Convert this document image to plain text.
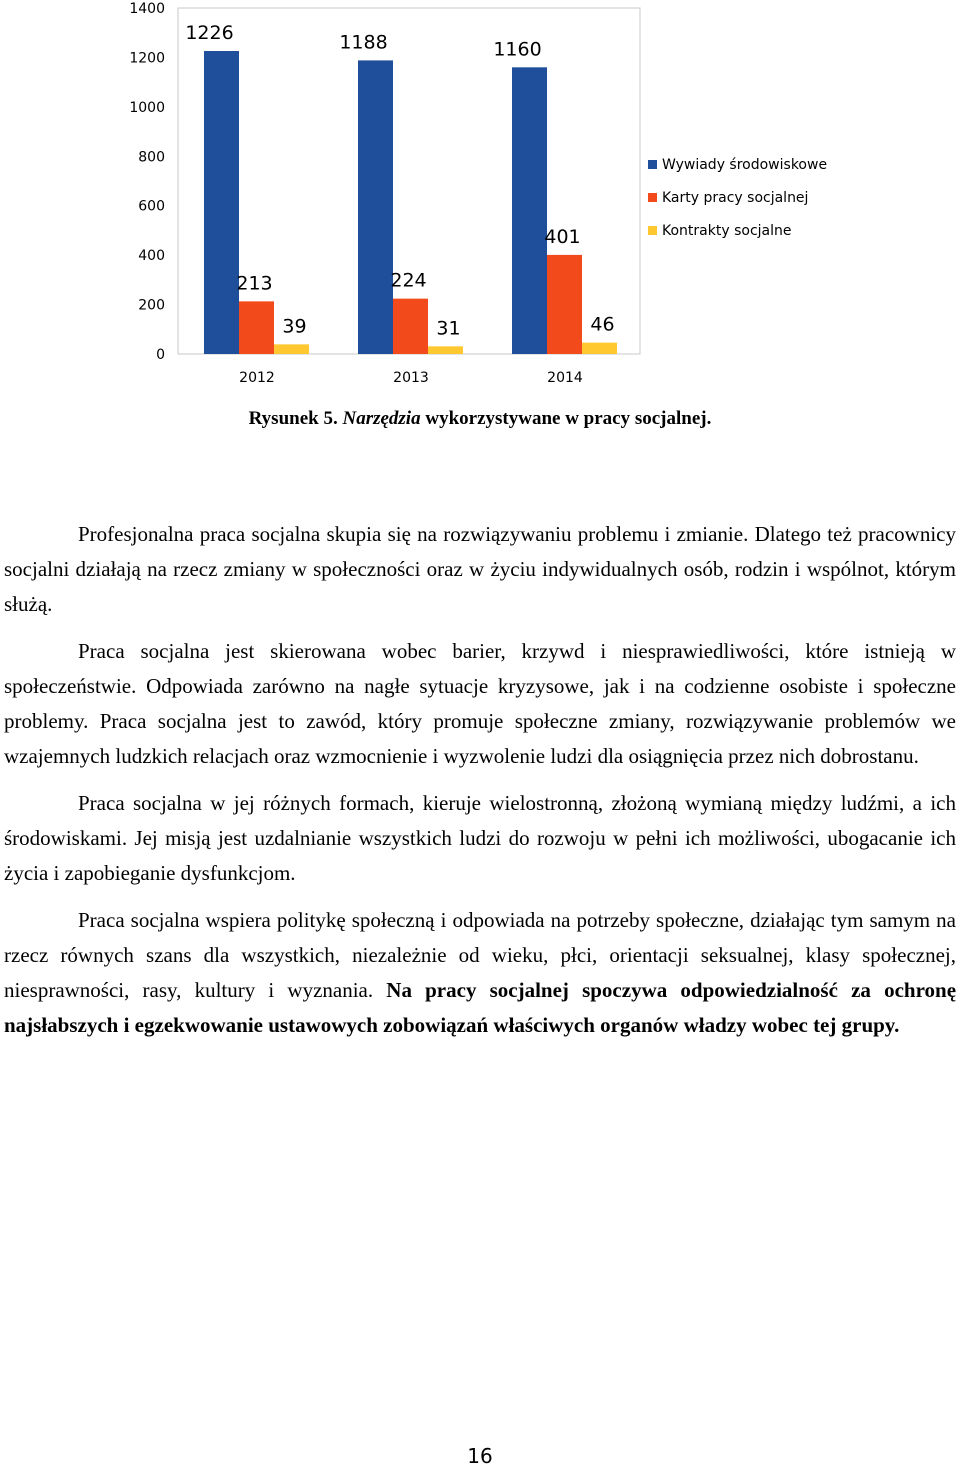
0
200
400
600
800
1000
1200
1400
1226
213
39
1188
224
31
1160
401
46
2012	2013	2014
Wywiady środowiskowe
Karty pracy socjalnej
Kontrakty socjalne
Rysunek 5. Narzędzia wykorzystywane w pracy socjalnej.

Profesjonalna praca socjalna skupia się na rozwiązywaniu problemu i zmianie. Dlatego też pracownicy socjalni działają na rzecz zmiany w społeczności oraz w życiu indywidualnych osób, rodzin i wspólnot, którym służą.

Praca socjalna jest skierowana wobec barier, krzywd i niesprawiedliwości, które istnieją w społeczeństwie. Odpowiada zarówno na nagłe sytuacje kryzysowe, jak i na codzienne osobiste i społeczne problemy. Praca socjalna jest to zawód, który promuje społeczne zmiany, rozwiązywanie problemów we wzajemnych ludzkich relacjach oraz wzmocnienie i wyzwolenie ludzi dla osiągnięcia przez nich dobrostanu.

Praca socjalna w jej różnych formach, kieruje wielostronną, złożoną wymianą między ludźmi, a ich środowiskami. Jej misją jest uzdalnianie wszystkich ludzi do rozwoju w pełni ich możliwości, ubogacanie ich życia i zapobieganie dysfunkcjom.

Praca socjalna wspiera politykę społeczną i odpowiada na potrzeby społeczne, działając tym samym na rzecz równych szans dla wszystkich, niezależnie od wieku, płci, orientacji seksualnej, klasy społecznej, niesprawności, rasy, kultury i wyznania. Na pracy socjalnej spoczywa odpowiedzialność za ochronę najsłabszych i egzekwowanie ustawowych zobowiązań właściwych organów władzy wobec tej grupy.

16
